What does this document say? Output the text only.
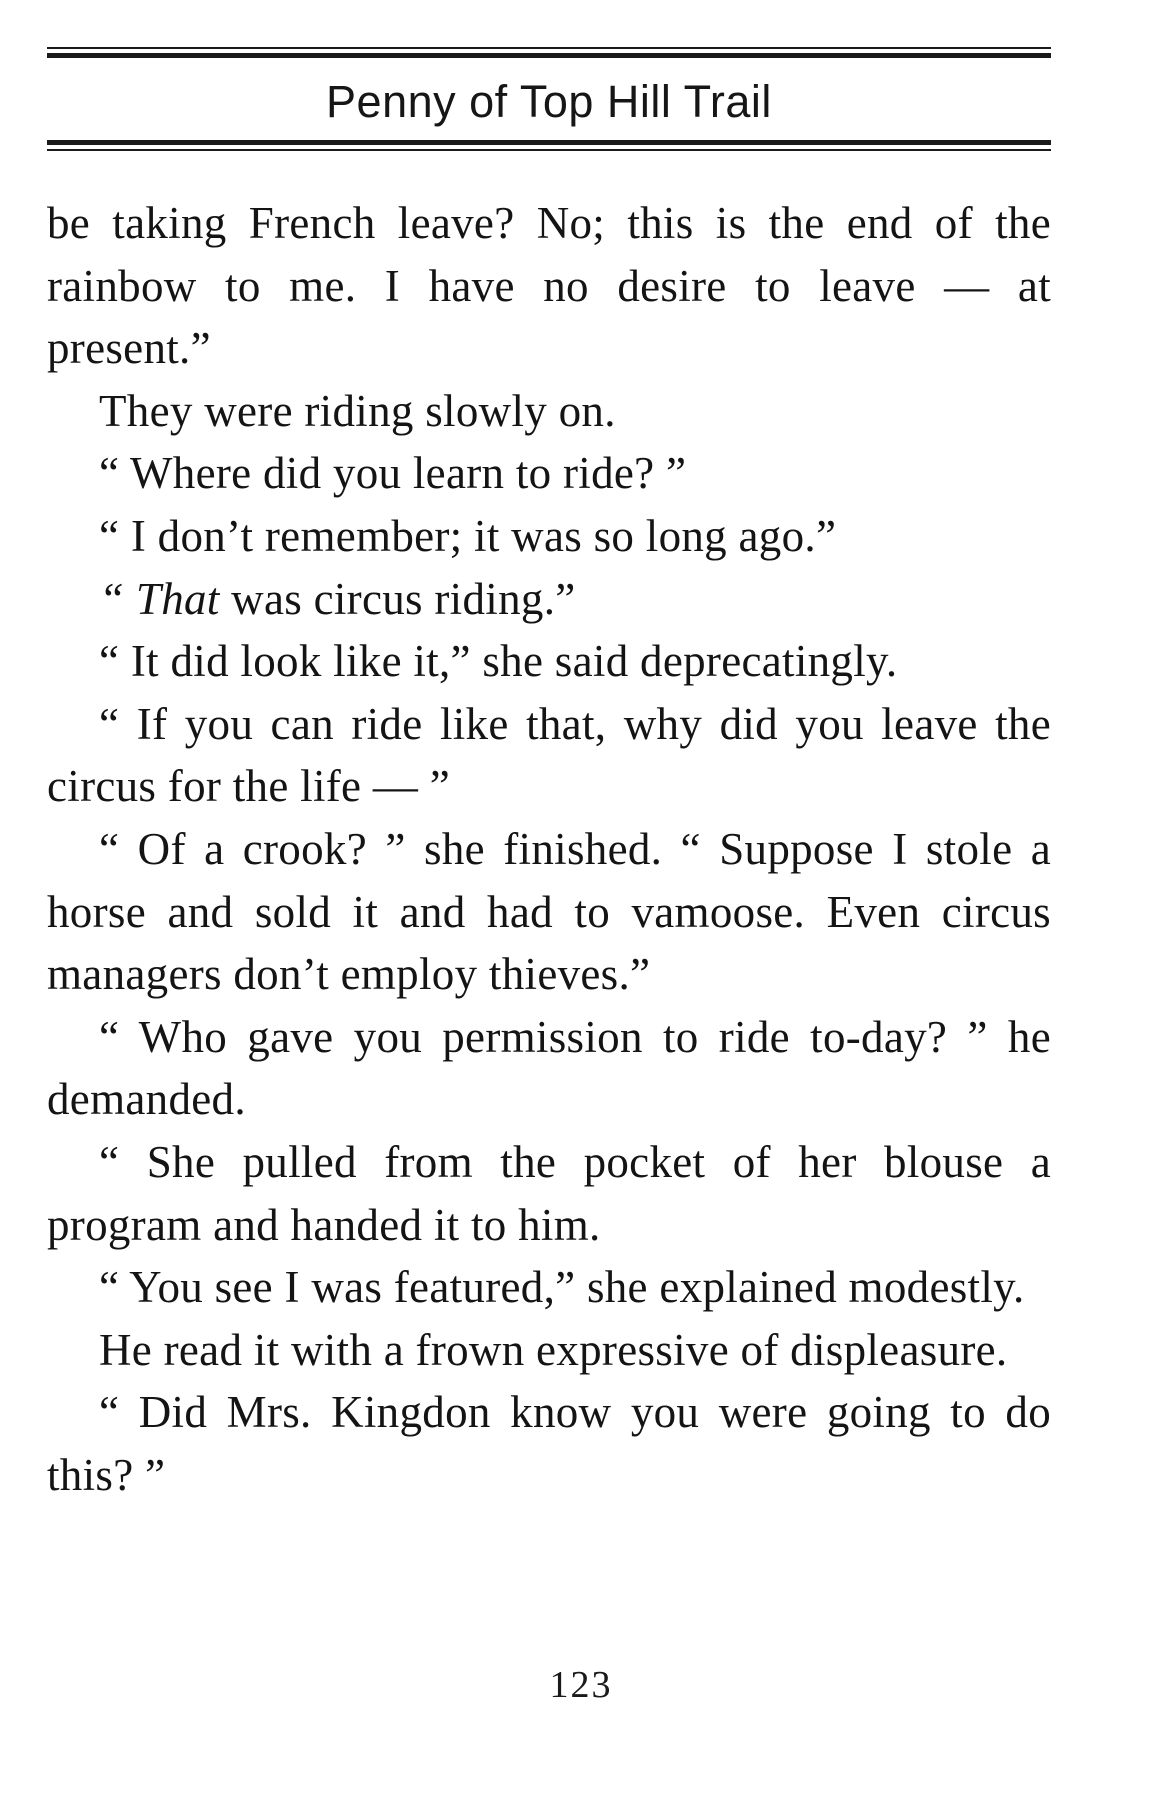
Penny of Top Hill Trail

be taking French leave? No; this is the end of the rainbow to me. I have no desire to leave — at present.”

They were riding slowly on.

“ Where did you learn to ride? ”

“ I don’t remember; it was so long ago.”

“ That was circus riding.”

“ It did look like it,” she said deprecatingly.

“ If you can ride like that, why did you leave the circus for the life — ”

“ Of a crook? ” she finished. “ Suppose I stole a horse and sold it and had to vamoose. Even circus managers don’t employ thieves.”

“ Who gave you permission to ride to-day? ” he demanded.

“ She pulled from the pocket of her blouse a program and handed it to him.

“ You see I was featured,” she explained modestly.

He read it with a frown expressive of displeasure.

“ Did Mrs. Kingdon know you were going to do this? ”

123
